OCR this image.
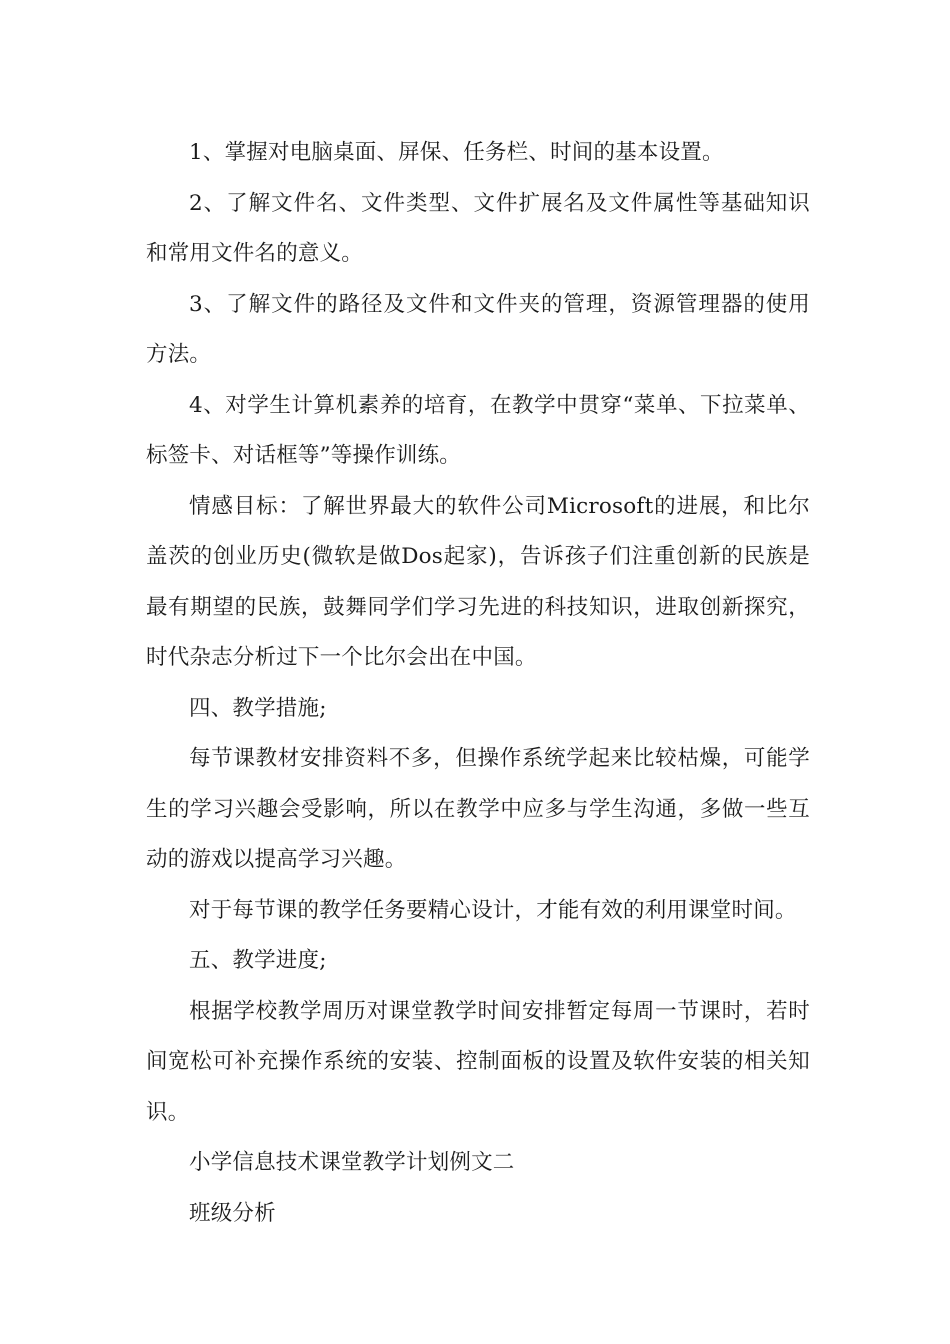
1、掌握对电脑桌面、屏保、任务栏、时间的基本设置。

2、了解文件名、文件类型、文件扩展名及文件属性等基础知识和常用文件名的意义。

3、了解文件的路径及文件和文件夹的管理，资源管理器的使用方法。

4、对学生计算机素养的培育，在教学中贯穿“菜单、下拉菜单、标签卡、对话框等”等操作训练。

情感目标：了解世界最大的软件公司Microsoft的进展，和比尔盖茨的创业历史(微软是做Dos起家)，告诉孩子们注重创新的民族是最有期望的民族，鼓舞同学们学习先进的科技知识，进取创新探究，时代杂志分析过下一个比尔会出在中国。

四、教学措施;

每节课教材安排资料不多，但操作系统学起来比较枯燥，可能学生的学习兴趣会受影响，所以在教学中应多与学生沟通，多做一些互动的游戏以提高学习兴趣。

对于每节课的教学任务要精心设计，才能有效的利用课堂时间。

五、教学进度;

根据学校教学周历对课堂教学时间安排暂定每周一节课时，若时间宽松可补充操作系统的安装、控制面板的设置及软件安装的相关知识。

小学信息技术课堂教学计划例文二

班级分析
